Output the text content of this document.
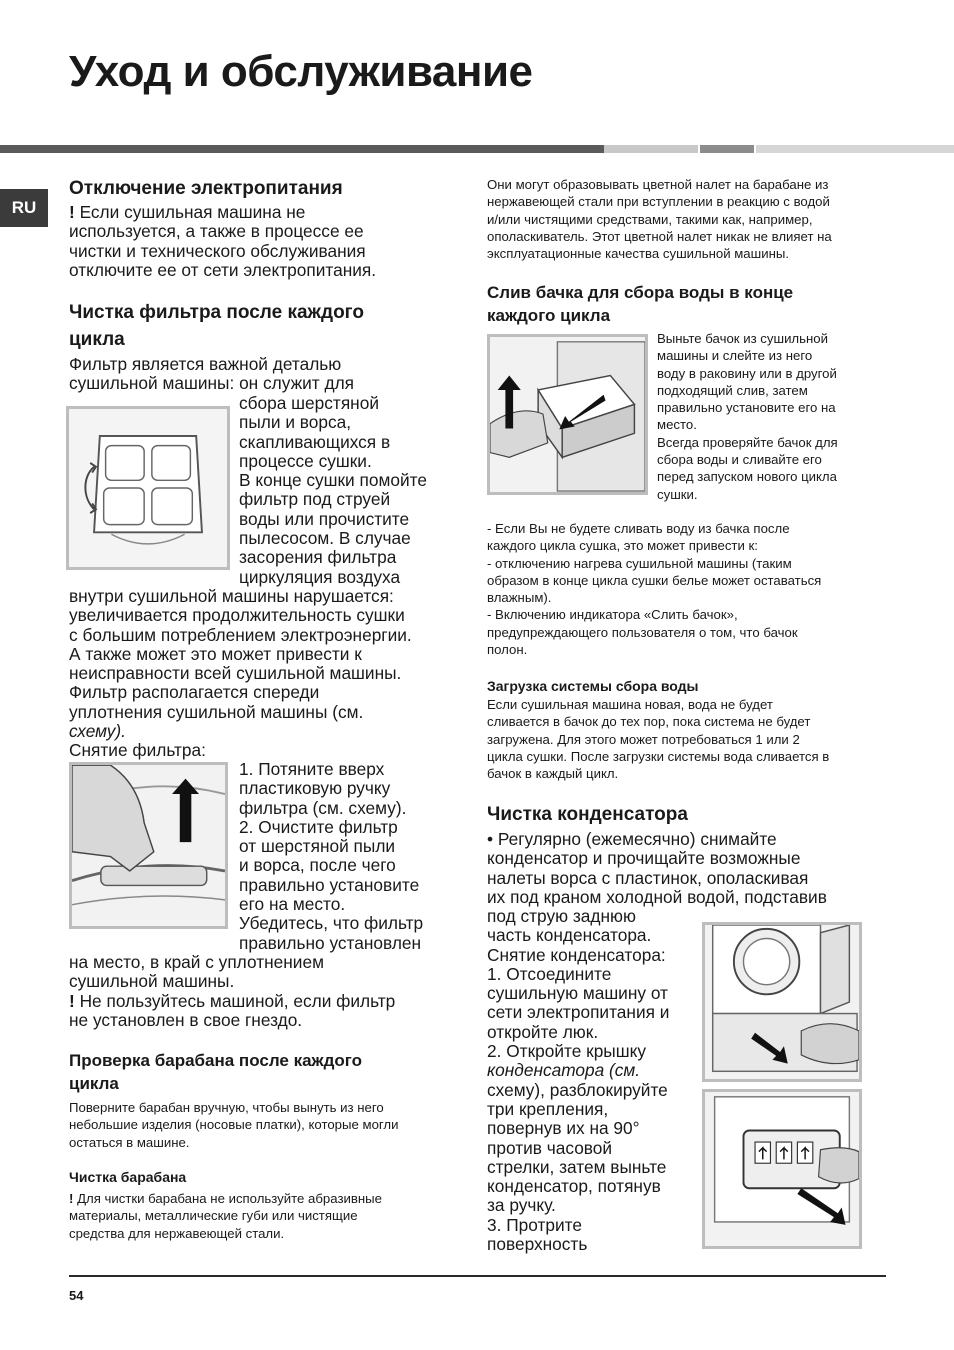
Уход и обслуживание
RU
Отключение электропитания
! Если сушильная машина не
используется, а также в процессе ее
чистки и технического обслуживания
отключите ее от сети электропитания.
Чистка фильтра после каждого
цикла
Фильтр является важной деталью
сушильной машины: он служит для
сбора шерстяной
пыли и ворса,
скапливающихся в
процессе сушки.
В конце сушки помойте
фильтр под струей
воды или прочистите
пылесосом. В случае
засорения фильтра
циркуляция воздуха
внутри сушильной машины нарушается:
увеличивается продолжительность сушки
с большим потреблением электроэнергии.
А также может это может привести к
неисправности всей сушильной машины.
Фильтр располагается спереди
уплотнения сушильной машины (см.
схему).
Снятие фильтра:
1. Потяните вверх
пластиковую ручку
фильтра (см. схему).
2. Очистите фильтр
от шерстяной пыли
и ворса, после чего
правильно установите
его на место.
Убедитесь, что фильтр
правильно установлен
на место, в край с уплотнением
сушильной машины.
! Не пользуйтесь машиной, если фильтр
не установлен в свое гнездо.
Проверка барабана после каждого
цикла
Поверните барабан вручную, чтобы вынуть из него
небольшие изделия (носовые платки), которые могли
остаться в машине.
Чистка барабана
! Для чистки барабана не используйте абразивные
материалы, металлические губи или чистящие
средства для нержавеющей стали.
Они могут образовывать цветной налет на барабане из
нержавеющей стали при вступлении в реакцию с водой
и/или чистящими средствами, такими как, например,
ополаскиватель. Этот цветной налет никак не влияет на
эксплуатационные качества сушильной машины.
Слив бачка для сбора воды в конце
каждого цикла
Выньте бачок из сушильной
машины и слейте из него
воду в раковину или в другой
подходящий слив, затем
правильно установите его на
место.
Всегда проверяйте бачок для
сбора воды и сливайте его
перед запуском нового цикла
сушки.
- Если Вы не будете сливать воду из бачка после
каждого цикла сушка, это может привести к:
- отключению нагрева сушильной машины (таким
образом в конце цикла сушки белье может оставаться
влажным).
- Включению индикатора «Слить бачок»,
предупреждающего пользователя о том, что бачок
полон.
Загрузка системы сбора воды
Если сушильная машина новая, вода не будет
сливается в бачок до тех пор, пока система не будет
загружена. Для этого может потребоваться 1 или 2
цикла сушки. После загрузки системы вода сливается в
бачок в каждый цикл.
Чистка конденсатора
• Регулярно (ежемесячно) снимайте
конденсатор и прочищайте возможные
налеты ворса с пластинок, ополаскивая
их под краном холодной водой, подставив
под струю заднюю
часть конденсатора.
Снятие конденсатора:
1. Отсоедините
сушильную машину от
сети электропитания и
откройте люк.
2. Откройте крышку
конденсатора (см.
схему), разблокируйте
три крепления,
повернув их на 90°
против часовой
стрелки, затем выньте
конденсатор, потянув
за ручку.
3. Протрите
поверхность
54
